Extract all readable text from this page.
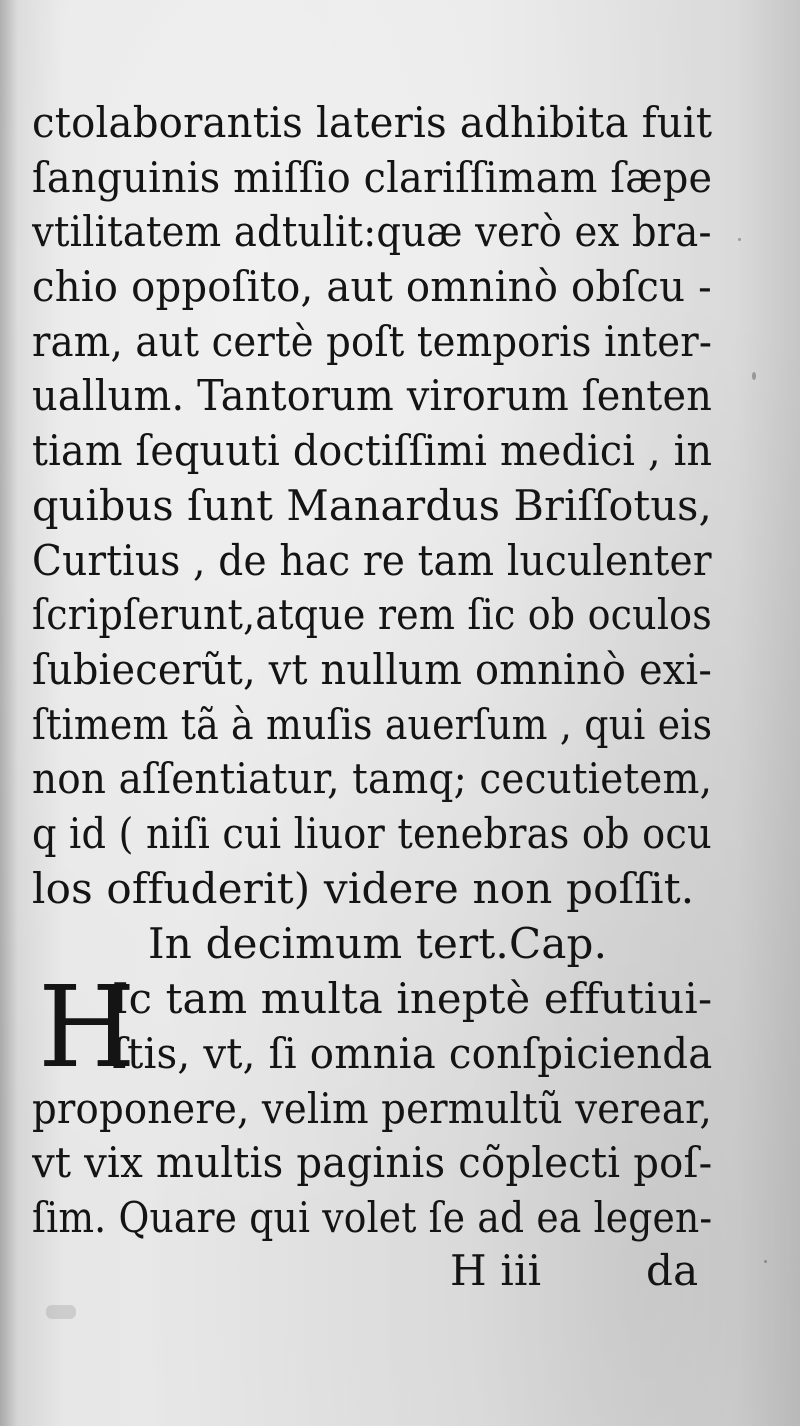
ctolaborantis lateris adhibita fuit
ſanguinis miſſio clariſſimam ſæpe
vtilitatem adtulit:quæ verò ex bra-
chio oppoſito, aut omninò obſcu -
ram, aut certè poſt temporis inter-
uallum. Tantorum virorum ſenten
tiam ſequuti doctiſſimi medici , in
quibus ſunt Manardus Briſſotus,
Curtius , de hac re tam luculenter
ſcripſerunt,atque rem ſic ob oculos
ſubiecerũt, vt nullum omninò exi-
ſtimem tã à muſis auerſum , qui eis
non aſſentiatur, tamq; cecutietem,
q id ( niſi cui liuor tenebras ob ocu
los offuderit) videre non poſſit.
In decimum tert.Cap.
H
Ic tam multa ineptè effutiui-
ſtis, vt, ſi omnia conſpicienda
proponere, velim permultũ verear,
vt vix multis paginis cõplecti poſ-
ſim. Quare qui volet ſe ad ea legen-
H iii da
